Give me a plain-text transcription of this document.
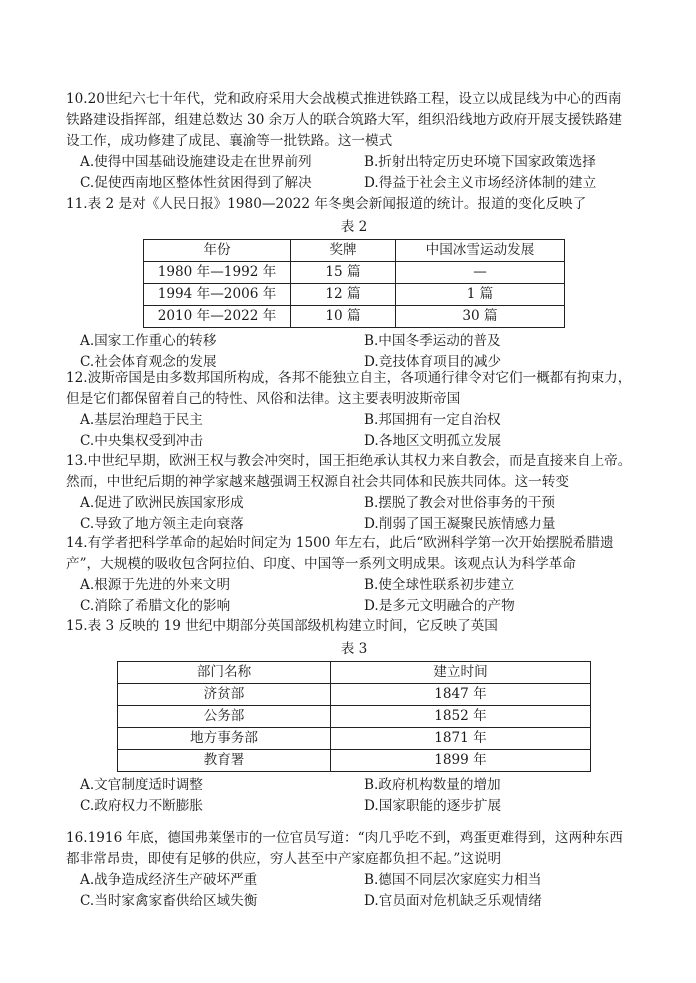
10.20世纪六七十年代，党和政府采用大会战模式推进铁路工程，设立以成昆线为中心的西南
铁路建设指挥部，组建总数达 30 余万人的联合筑路大军，组织沿线地方政府开展支援铁路建
设工作，成功修建了成昆、襄渝等一批铁路。这一模式

A.使得中国基础设施建设走在世界前列	B.折射出特定历史环境下国家政策选择
C.促使西南地区整体性贫困得到了解决	D.得益于社会主义市场经济体制的建立

11.表 2 是对《人民日报》1980—2022 年冬奥会新闻报道的统计。报道的变化反映了

表 2
年份	奖牌	中国冰雪运动发展
1980 年—1992 年	15 篇	—
1994 年—2006 年	12 篇	1 篇
2010 年—2022 年	10 篇	30 篇
A.国家工作重心的转移	B.中国冬季运动的普及
C.社会体育观念的发展	D.竞技体育项目的减少

12.波斯帝国是由多数邦国所构成，各邦不能独立自主，各项通行律令对它们一概都有拘束力，
但是它们都保留着自己的特性、风俗和法律。这主要表明波斯帝国

A.基层治理趋于民主	B.邦国拥有一定自治权
C.中央集权受到冲击	D.各地区文明孤立发展

13.中世纪早期，欧洲王权与教会冲突时，国王拒绝承认其权力来自教会，而是直接来自上帝。
然而，中世纪后期的神学家越来越强调王权源自社会共同体和民族共同体。这一转变

A.促进了欧洲民族国家形成	B.摆脱了教会对世俗事务的干预
C.导致了地方领主走向衰落	D.削弱了国王凝聚民族情感力量

14.有学者把科学革命的起始时间定为 1500 年左右，此后“欧洲科学第一次开始摆脱希腊遗
产”，大规模的吸收包含阿拉伯、印度、中国等一系列文明成果。该观点认为科学革命

A.根源于先进的外来文明	B.使全球性联系初步建立
C.消除了希腊文化的影响	D.是多元文明融合的产物

15.表 3 反映的 19 世纪中期部分英国部级机构建立时间，它反映了英国

表 3
部门名称	建立时间
济贫部	1847 年
公务部	1852 年
地方事务部	1871 年
教育署	1899 年
A.文官制度适时调整	B.政府机构数量的增加
C.政府权力不断膨胀	D.国家职能的逐步扩展

16.1916 年底，德国弗莱堡市的一位官员写道：“肉几乎吃不到，鸡蛋更难得到，这两种东西
都非常昂贵，即使有足够的供应，穷人甚至中产家庭都负担不起。”这说明

A.战争造成经济生产破坏严重	B.德国不同层次家庭实力相当
C.当时家禽家畜供给区域失衡	D.官员面对危机缺乏乐观情绪
